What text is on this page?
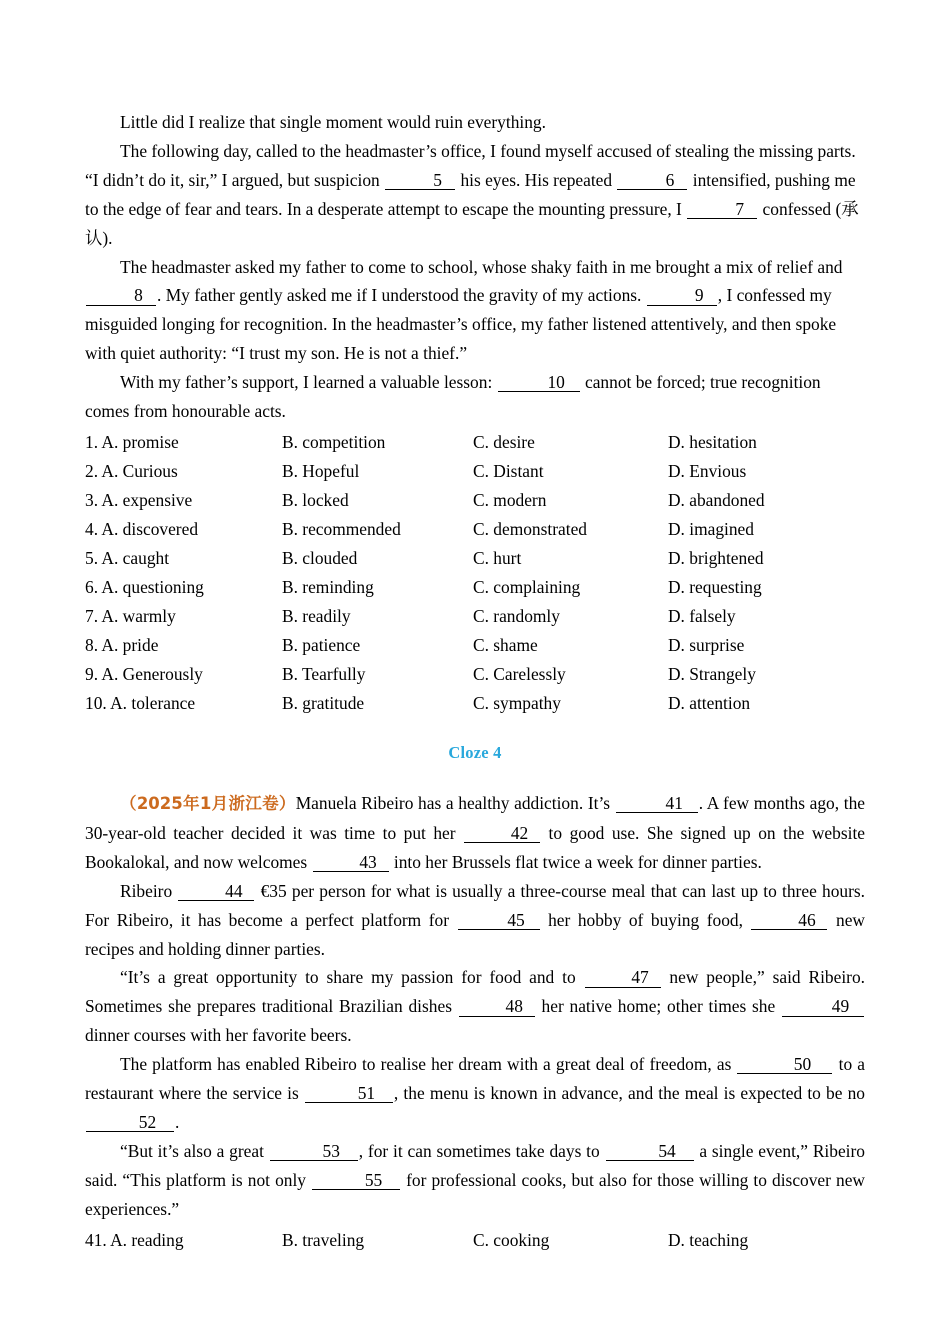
Little did I realize that single moment would ruin everything.

The following day, called to the headmaster’s office, I found myself accused of stealing the missing parts. “I didn’t do it, sir,” I argued, but suspicion	5 his eyes. His repeated	6 intensified, pushing me to the edge of fear and tears. In a desperate attempt to escape the mounting pressure, I	7 confessed (承认).

The headmaster asked my father to come to school, whose shaky faith in me brought a mix of relief and 8 . My father gently asked me if I understood the gravity of my actions.	9 , I confessed my misguided longing for recognition. In the headmaster’s office, my father listened attentively, and then spoke with quiet authority: “I trust my son. He is not a thief.”

With my father’s support, I learned a valuable lesson:	10 cannot be forced; true recognition comes from honourable acts.

1. A. promise	B. competition	C. desire	D. hesitation
2. A. Curious	B. Hopeful	C. Distant	D. Envious
3. A. expensive	B. locked	C. modern	D. abandoned
4. A. discovered	B. recommended	C. demonstrated	D. imagined
5. A. caught	B. clouded	C. hurt	D. brightened
6. A. questioning	B. reminding	C. complaining	D. requesting
7. A. warmly	B. readily	C. randomly	D. falsely
8. A. pride	B. patience	C. shame	D. surprise
9. A. Generously	B. Tearfully	C. Carelessly	D. Strangely
10. A. tolerance	B. gratitude	C. sympathy	D. attention
Cloze 4

（2025年1月浙江卷）Manuela Ribeiro has a healthy addiction. It’s	41 . A few months ago, the 30-year-old teacher decided it was time to put her	42 to good use. She signed up on the website Bookalokal, and now welcomes	43 into her Brussels flat twice a week for dinner parties.

Ribeiro	44 €35 per person for what is usually a three-course meal that can last up to three hours. For Ribeiro, it has become a perfect platform for	45 her hobby of buying food,	46 new recipes and holding dinner parties.

“It’s a great opportunity to share my passion for food and to	47 new people,” said Ribeiro. Sometimes she prepares traditional Brazilian dishes	48 her native home; other times she	49 dinner courses with her favorite beers.

The platform has enabled Ribeiro to realise her dream with a great deal of freedom, as	50 to a restaurant where the service is	51 , the menu is known in advance, and the meal is expected to be no 52 .

“But it’s also a great	53 , for it can sometimes take days to	54 a single event,” Ribeiro said. “This platform is not only	55 for professional cooks, but also for those willing to discover new experiences.”

41. A. reading	B. traveling	C. cooking	D. teaching
